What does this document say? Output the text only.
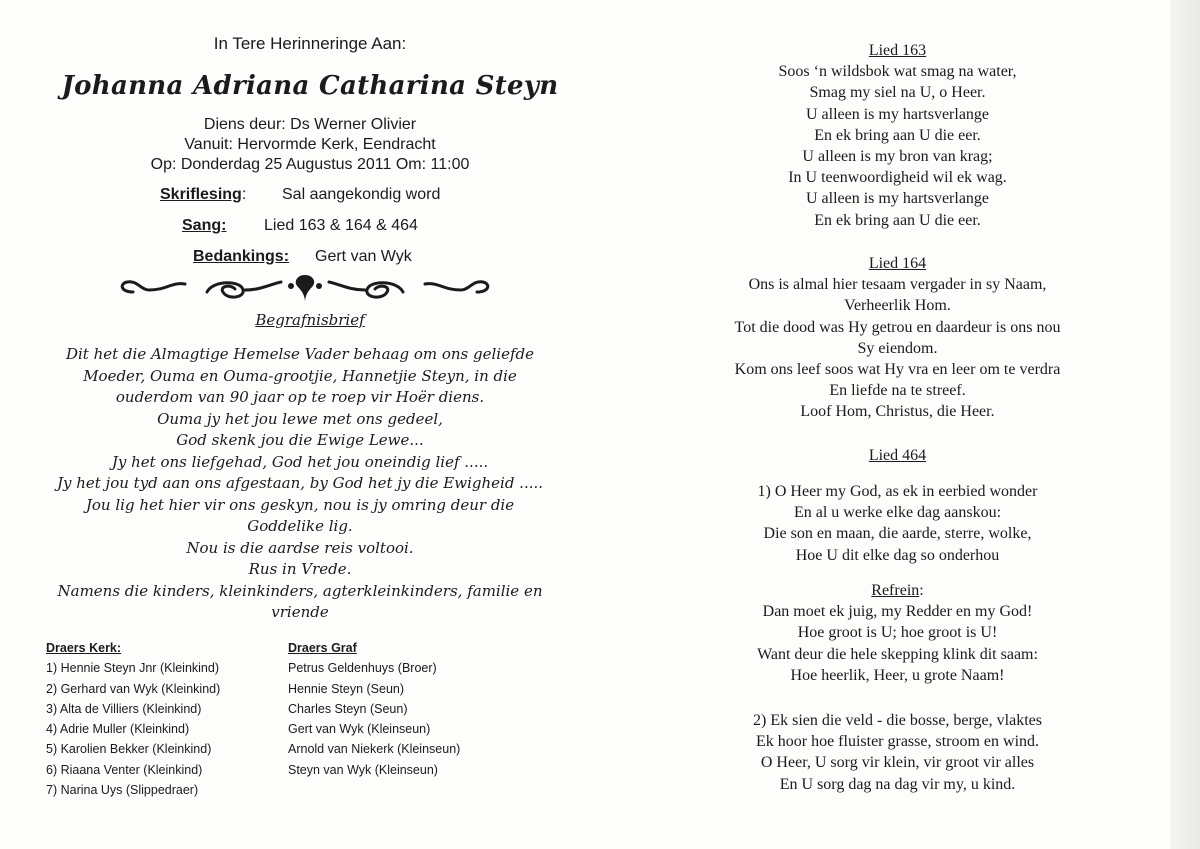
In Tere Herinneringe Aan:
Johanna Adriana Catharina Steyn
Diens deur: Ds Werner Olivier
Vanuit: Hervormde Kerk, Eendracht
Op: Donderdag 25 Augustus 2011 Om: 11:00
Skriflesing: Sal aangekondig word
Sang: Lied 163 & 164 & 464
Bedankings: Gert van Wyk
Begrafnisbrief
Dit het die Almagtige Hemelse Vader behaag om ons geliefde
Moeder, Ouma en Ouma-grootjie, Hannetjie Steyn, in die
ouderdom van 90 jaar op te roep vir Hoër diens.
Ouma jy het jou lewe met ons gedeel,
God skenk jou die Ewige Lewe...
Jy het ons liefgehad, God het jou oneindig lief .....
Jy het jou tyd aan ons afgestaan, by God het jy die Ewigheid .....
Jou lig het hier vir ons geskyn, nou is jy omring deur die
Goddelike lig.
Nou is die aardse reis voltooi.
Rus in Vrede.
Namens die kinders, kleinkinders, agterkleinkinders, familie en
vriende
Draers Kerk:
1) Hennie Steyn Jnr (Kleinkind)
2) Gerhard van Wyk (Kleinkind)
3) Alta de Villiers (Kleinkind)
4) Adrie Muller (Kleinkind)
5) Karolien Bekker (Kleinkind)
6) Riaana Venter (Kleinkind)
7) Narina Uys (Slippedraer)
Draers Graf
Petrus Geldenhuys (Broer)
Hennie Steyn (Seun)
Charles Steyn (Seun)
Gert van Wyk (Kleinseun)
Arnold van Niekerk (Kleinseun)
Steyn van Wyk (Kleinseun)
Lied 163
Soos ‘n wildsbok wat smag na water,
Smag my siel na U, o Heer.
U alleen is my hartsverlange
En ek bring aan U die eer.
U alleen is my bron van krag;
In U teenwoordigheid wil ek wag.
U alleen is my hartsverlange
En ek bring aan U die eer.
Lied 164
Ons is almal hier tesaam vergader in sy Naam,
Verheerlik Hom.
Tot die dood was Hy getrou en daardeur is ons nou
Sy eiendom.
Kom ons leef soos wat Hy vra en leer om te verdra
En liefde na te streef.
Loof Hom, Christus, die Heer.
Lied 464
1) O Heer my God, as ek in eerbied wonder
En al u werke elke dag aanskou:
Die son en maan, die aarde, sterre, wolke,
Hoe U dit elke dag so onderhou
Refrein:
Dan moet ek juig, my Redder en my God!
Hoe groot is U; hoe groot is U!
Want deur die hele skepping klink dit saam:
Hoe heerlik, Heer, u grote Naam!
2) Ek sien die veld - die bosse, berge, vlaktes
Ek hoor hoe fluister grasse, stroom en wind.
O Heer, U sorg vir klein, vir groot vir alles
En U sorg dag na dag vir my, u kind.
